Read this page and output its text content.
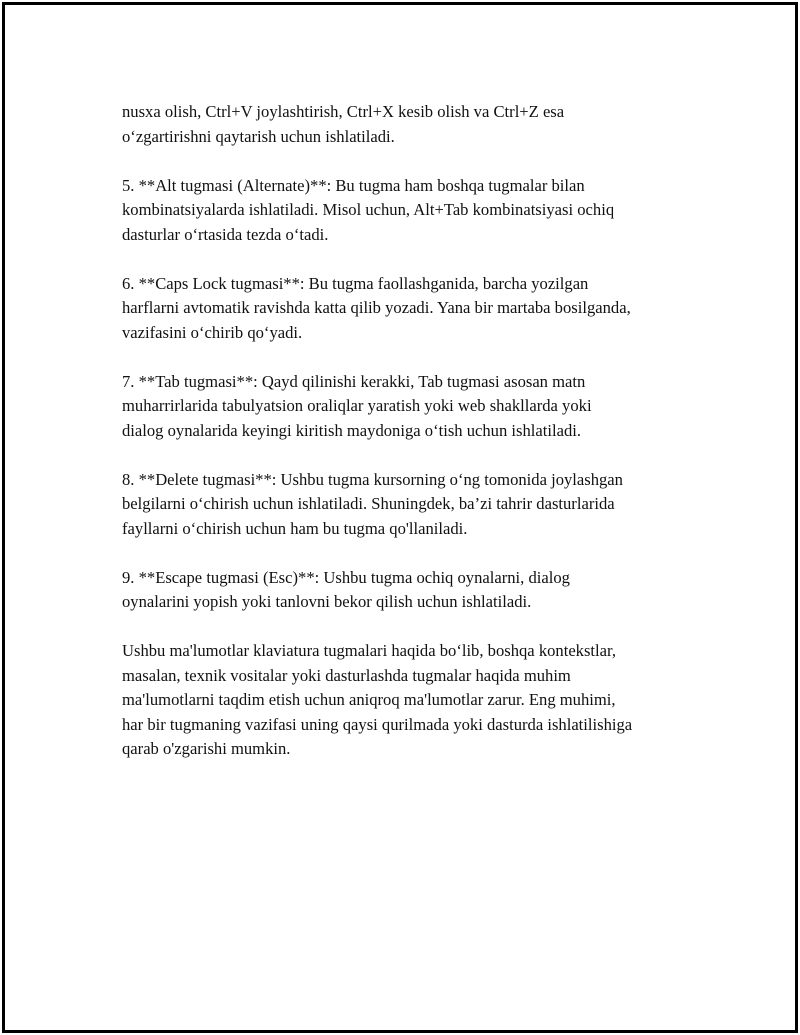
nusxa olish, Ctrl+V joylashtirish, Ctrl+X kesib olish va Ctrl+Z esa
o‘zgartirishni qaytarish uchun ishlatiladi.

5. **Alt tugmasi (Alternate)**: Bu tugma ham boshqa tugmalar bilan
kombinatsiyalarda ishlatiladi. Misol uchun, Alt+Tab kombinatsiyasi ochiq
dasturlar o‘rtasida tezda o‘tadi.

6. **Caps Lock tugmasi**: Bu tugma faollashganida, barcha yozilgan
harflarni avtomatik ravishda katta qilib yozadi. Yana bir martaba bosilganda,
vazifasini o‘chirib qo‘yadi.

7. **Tab tugmasi**: Qayd qilinishi kerakki, Tab tugmasi asosan matn
muharrirlarida tabulyatsion oraliqlar yaratish yoki web shakllarda yoki
dialog oynalarida keyingi kiritish maydoniga o‘tish uchun ishlatiladi.

8. **Delete tugmasi**: Ushbu tugma kursorning o‘ng tomonida joylashgan
belgilarni o‘chirish uchun ishlatiladi. Shuningdek, ba’zi tahrir dasturlarida
fayllarni o‘chirish uchun ham bu tugma qo'llaniladi.

9. **Escape tugmasi (Esc)**: Ushbu tugma ochiq oynalarni, dialog
oynalarini yopish yoki tanlovni bekor qilish uchun ishlatiladi.

Ushbu ma'lumotlar klaviatura tugmalari haqida bo‘lib, boshqa kontekstlar,
masalan, texnik vositalar yoki dasturlashda tugmalar haqida muhim
ma'lumotlarni taqdim etish uchun aniqroq ma'lumotlar zarur. Eng muhimi,
har bir tugmaning vazifasi uning qaysi qurilmada yoki dasturda ishlatilishiga
qarab o'zgarishi mumkin.
